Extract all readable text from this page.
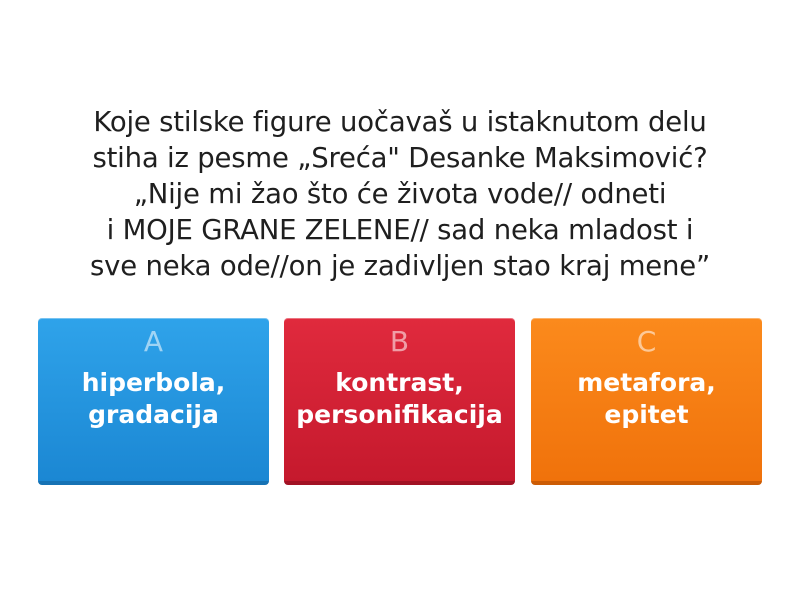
Koje stilske figure uočavaš u istaknutom delu
stiha iz pesme „Sreća" Desanke Maksimović?
„Nije mi žao što će života vode// odneti
i MOJE GRANE ZELENE// sad neka mladost i
sve neka ode//on je zadivljen stao kraj mene”
A
hiperbola,
gradacija
B
kontrast,
personifikacija
C
metafora,
epitet
